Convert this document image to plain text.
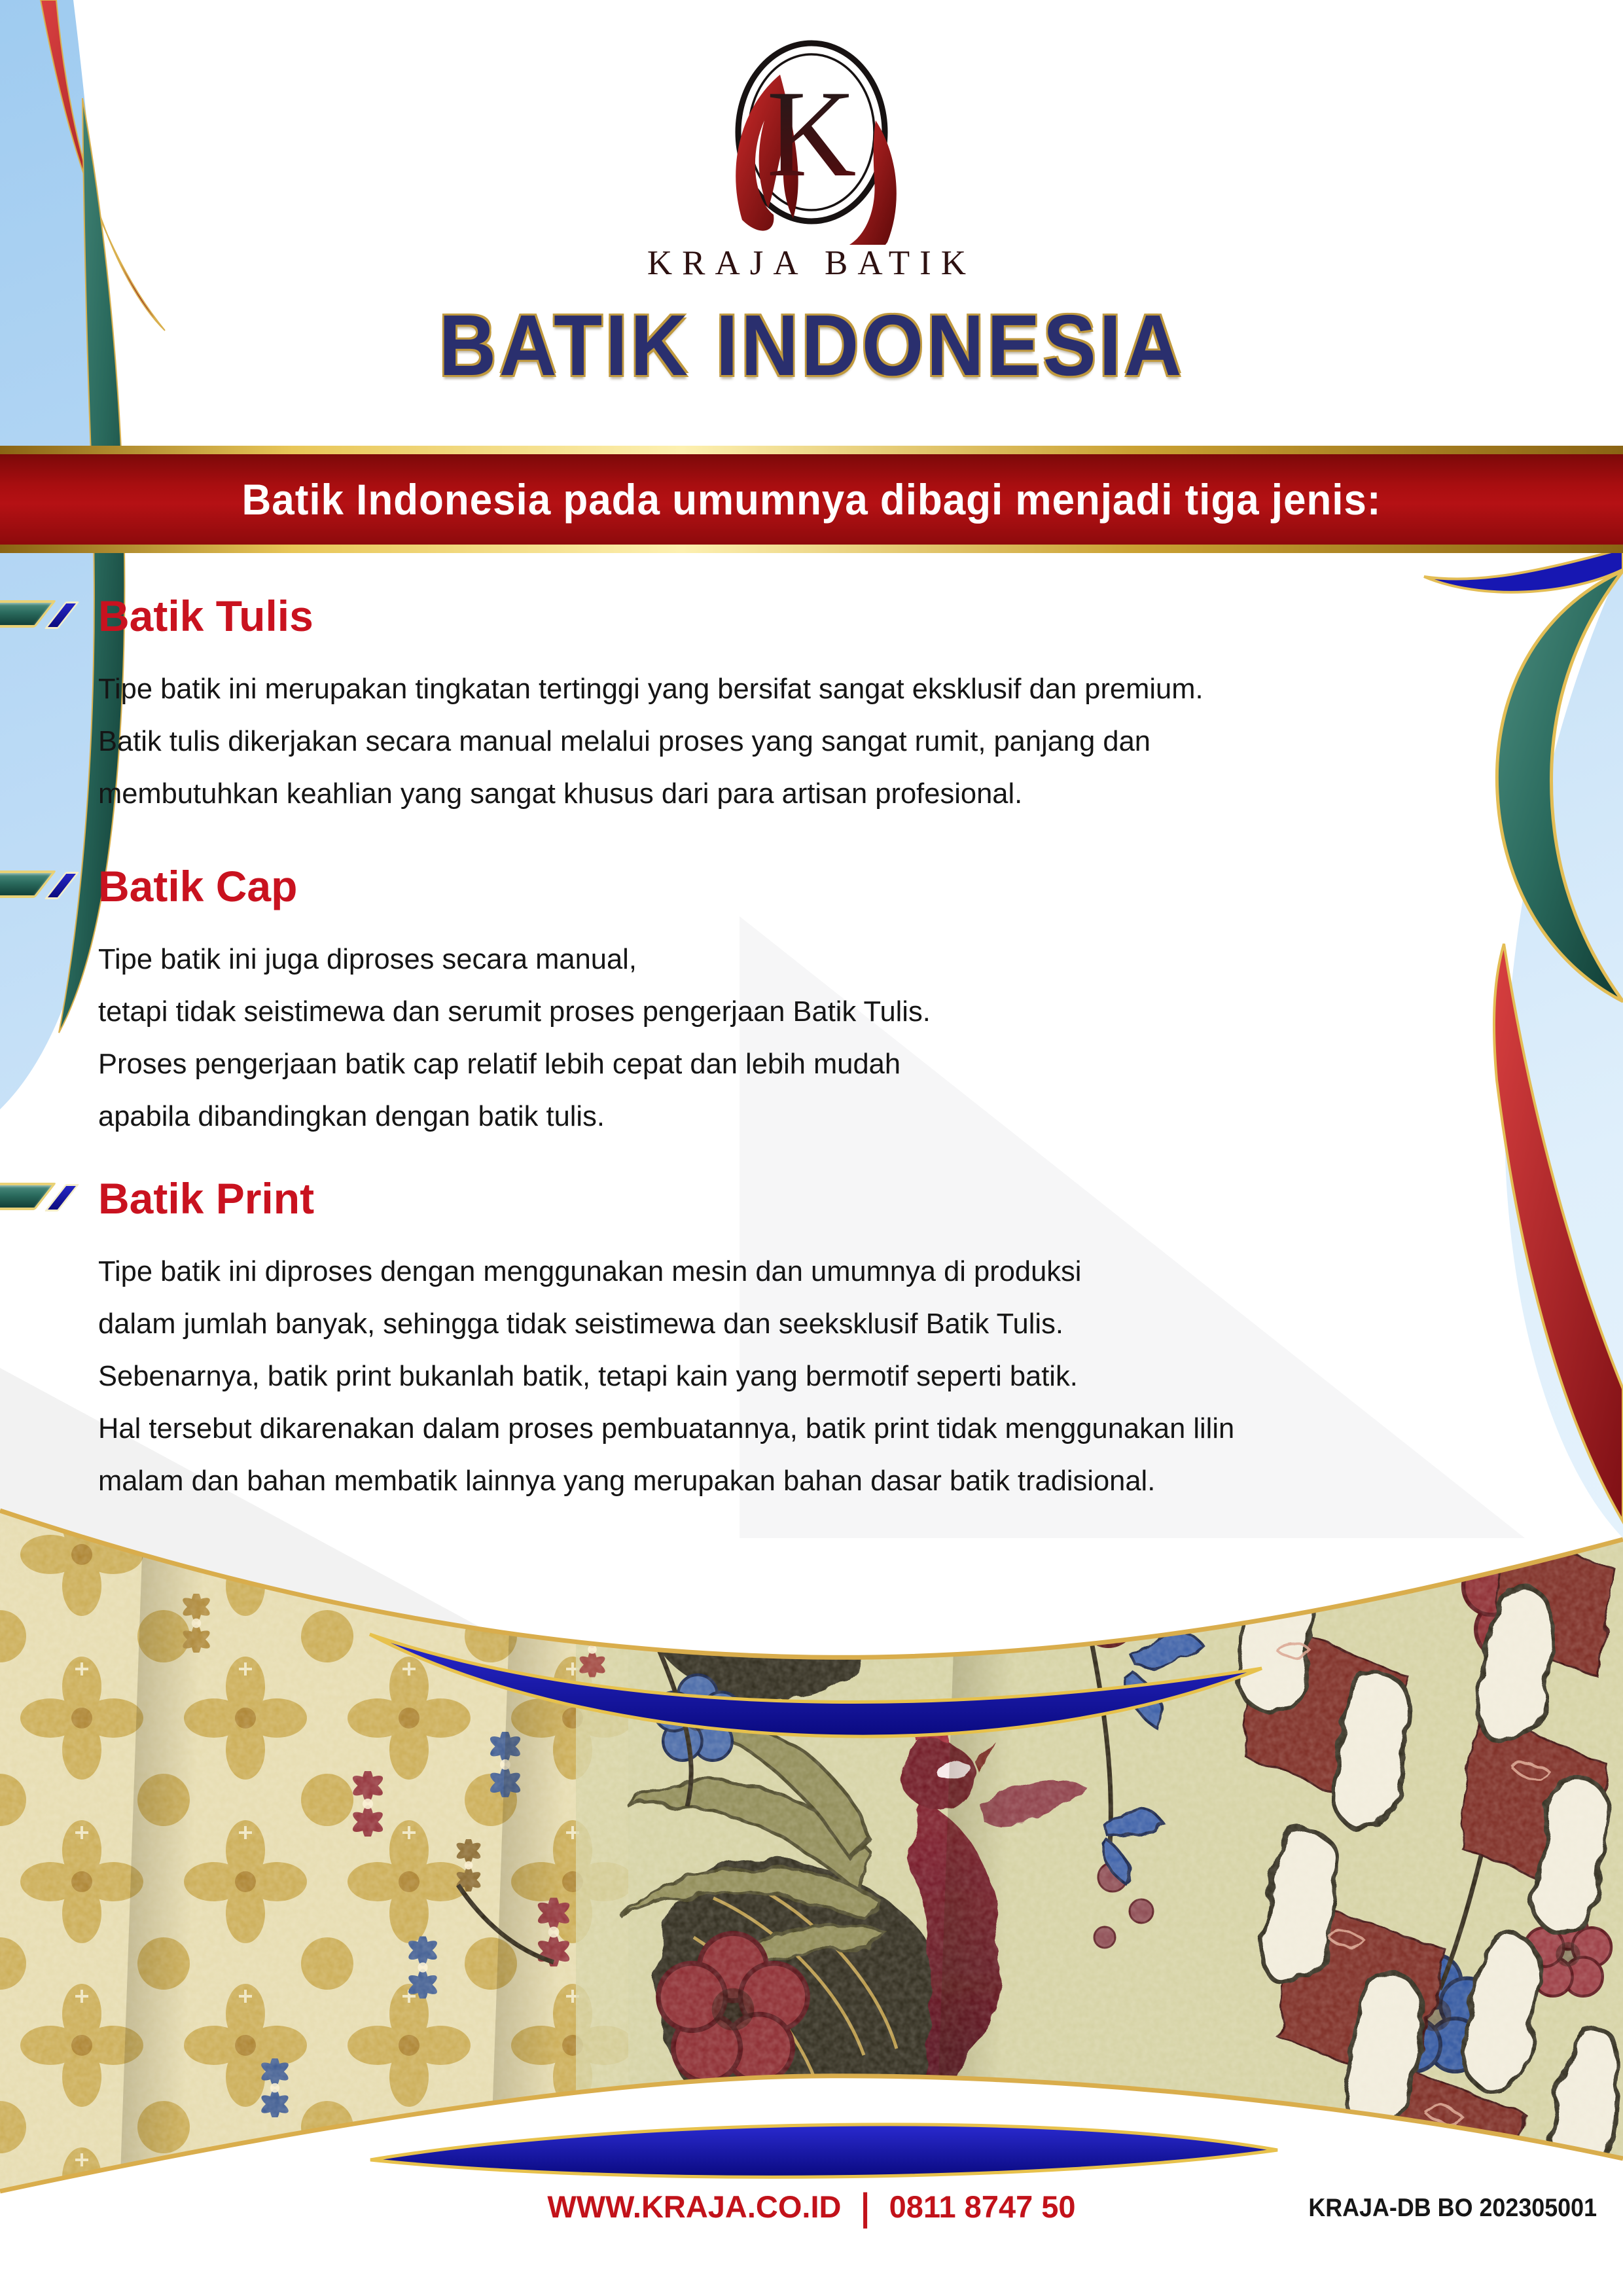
K
KRAJA BATIK
BATIK INDONESIA
Batik Indonesia pada umumnya dibagi menjadi tiga jenis:
Batik Tulis

Tipe batik ini merupakan tingkatan tertinggi yang bersifat sangat eksklusif dan premium.

Batik tulis dikerjakan secara manual melalui proses yang sangat rumit, panjang dan

membutuhkan keahlian yang sangat khusus dari para artisan profesional.

Batik Cap

Tipe batik ini juga diproses secara manual,

tetapi tidak seistimewa dan serumit proses pengerjaan Batik Tulis.

Proses pengerjaan batik cap relatif lebih cepat dan lebih mudah

apabila dibandingkan dengan batik tulis.

Batik Print

Tipe batik ini diproses dengan menggunakan mesin dan umumnya di produksi

dalam jumlah banyak, sehingga tidak seistimewa dan seeksklusif Batik Tulis.

Sebenarnya, batik print bukanlah batik, tetapi kain yang bermotif seperti batik.

Hal tersebut dikarenakan dalam proses pembuatannya, batik print tidak menggunakan lilin

malam dan bahan membatik lainnya yang merupakan bahan dasar batik tradisional.

WWW.KRAJA.CO.ID | 0811 8747 50	KRAJA-DB BO 202305001
